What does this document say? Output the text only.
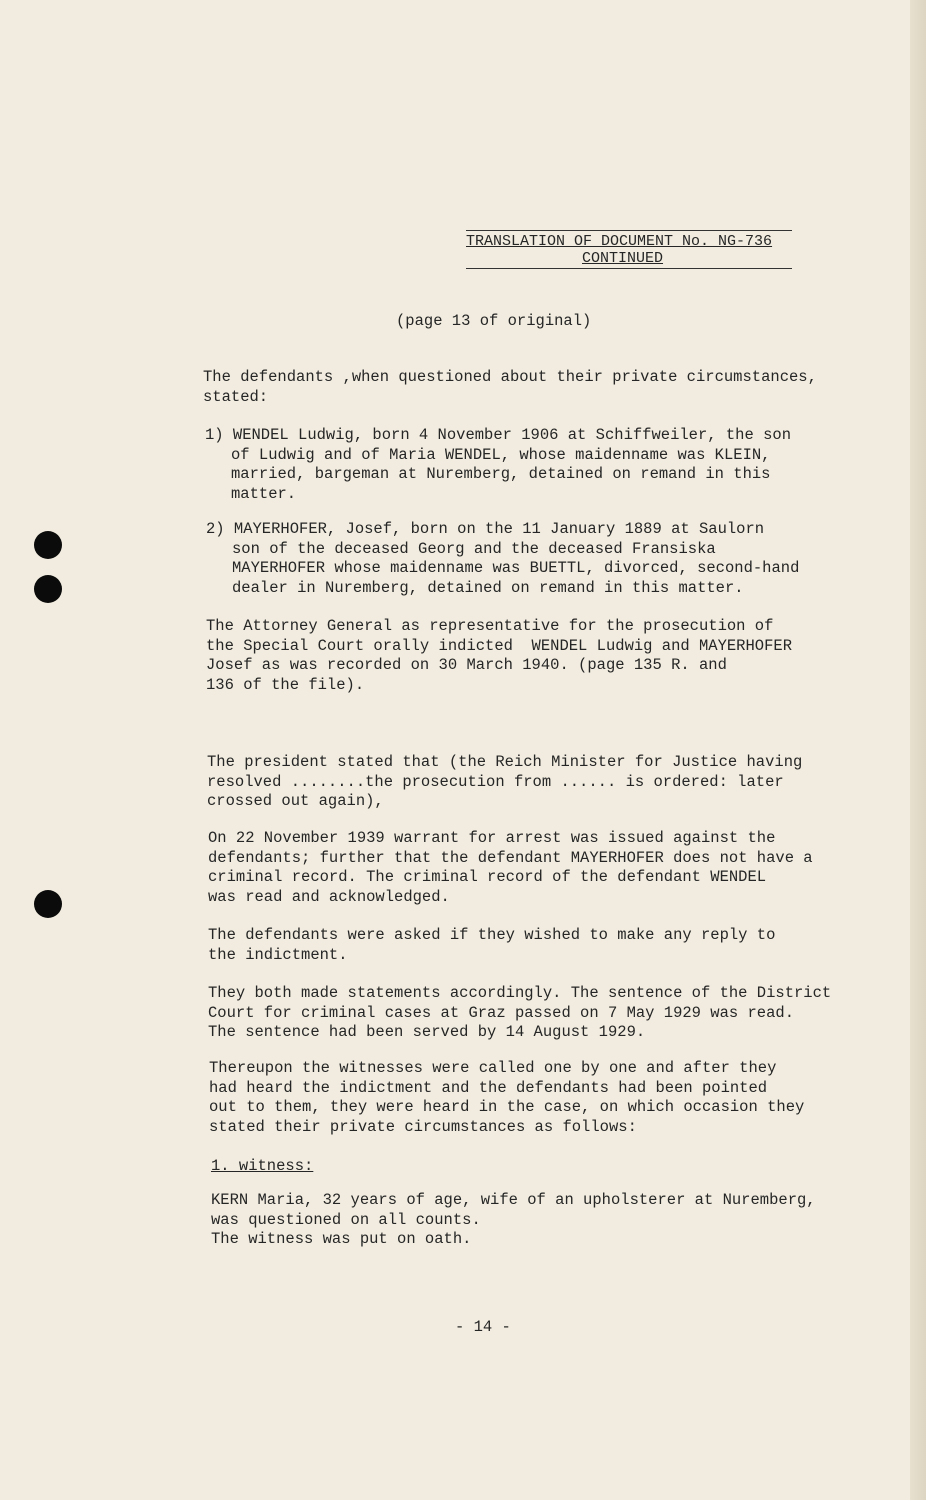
TRANSLATION OF DOCUMENT No. NG-736
CONTINUED
(page 13 of original)
The defendants ,when questioned about their private circumstances,
stated:
1) WENDEL Ludwig, born 4 November 1906 at Schiffweiler, the son
of Ludwig and of Maria WENDEL, whose maidenname was KLEIN,
married, bargeman at Nuremberg, detained on remand in this
matter.
2) MAYERHOFER, Josef, born on the 11 January 1889 at Saulorn
son of the deceased Georg and the deceased Fransiska
MAYERHOFER whose maidenname was BUETTL, divorced, second-hand
dealer in Nuremberg, detained on remand in this matter.
The Attorney General as representative for the prosecution of
the Special Court orally indicted  WENDEL Ludwig and MAYERHOFER
Josef as was recorded on 30 March 1940. (page 135 R. and
136 of the file).
The president stated that (the Reich Minister for Justice having
resolved ........the prosecution from ...... is ordered: later
crossed out again),
On 22 November 1939 warrant for arrest was issued against the
defendants; further that the defendant MAYERHOFER does not have a
criminal record. The criminal record of the defendant WENDEL
was read and acknowledged.
The defendants were asked if they wished to make any reply to
the indictment.
They both made statements accordingly. The sentence of the District
Court for criminal cases at Graz passed on 7 May 1929 was read.
The sentence had been served by 14 August 1929.
Thereupon the witnesses were called one by one and after they
had heard the indictment and the defendants had been pointed
out to them, they were heard in the case, on which occasion they
stated their private circumstances as follows:
1. witness:
KERN Maria, 32 years of age, wife of an upholsterer at Nuremberg,
was questioned on all counts.
The witness was put on oath.
- 14 -
